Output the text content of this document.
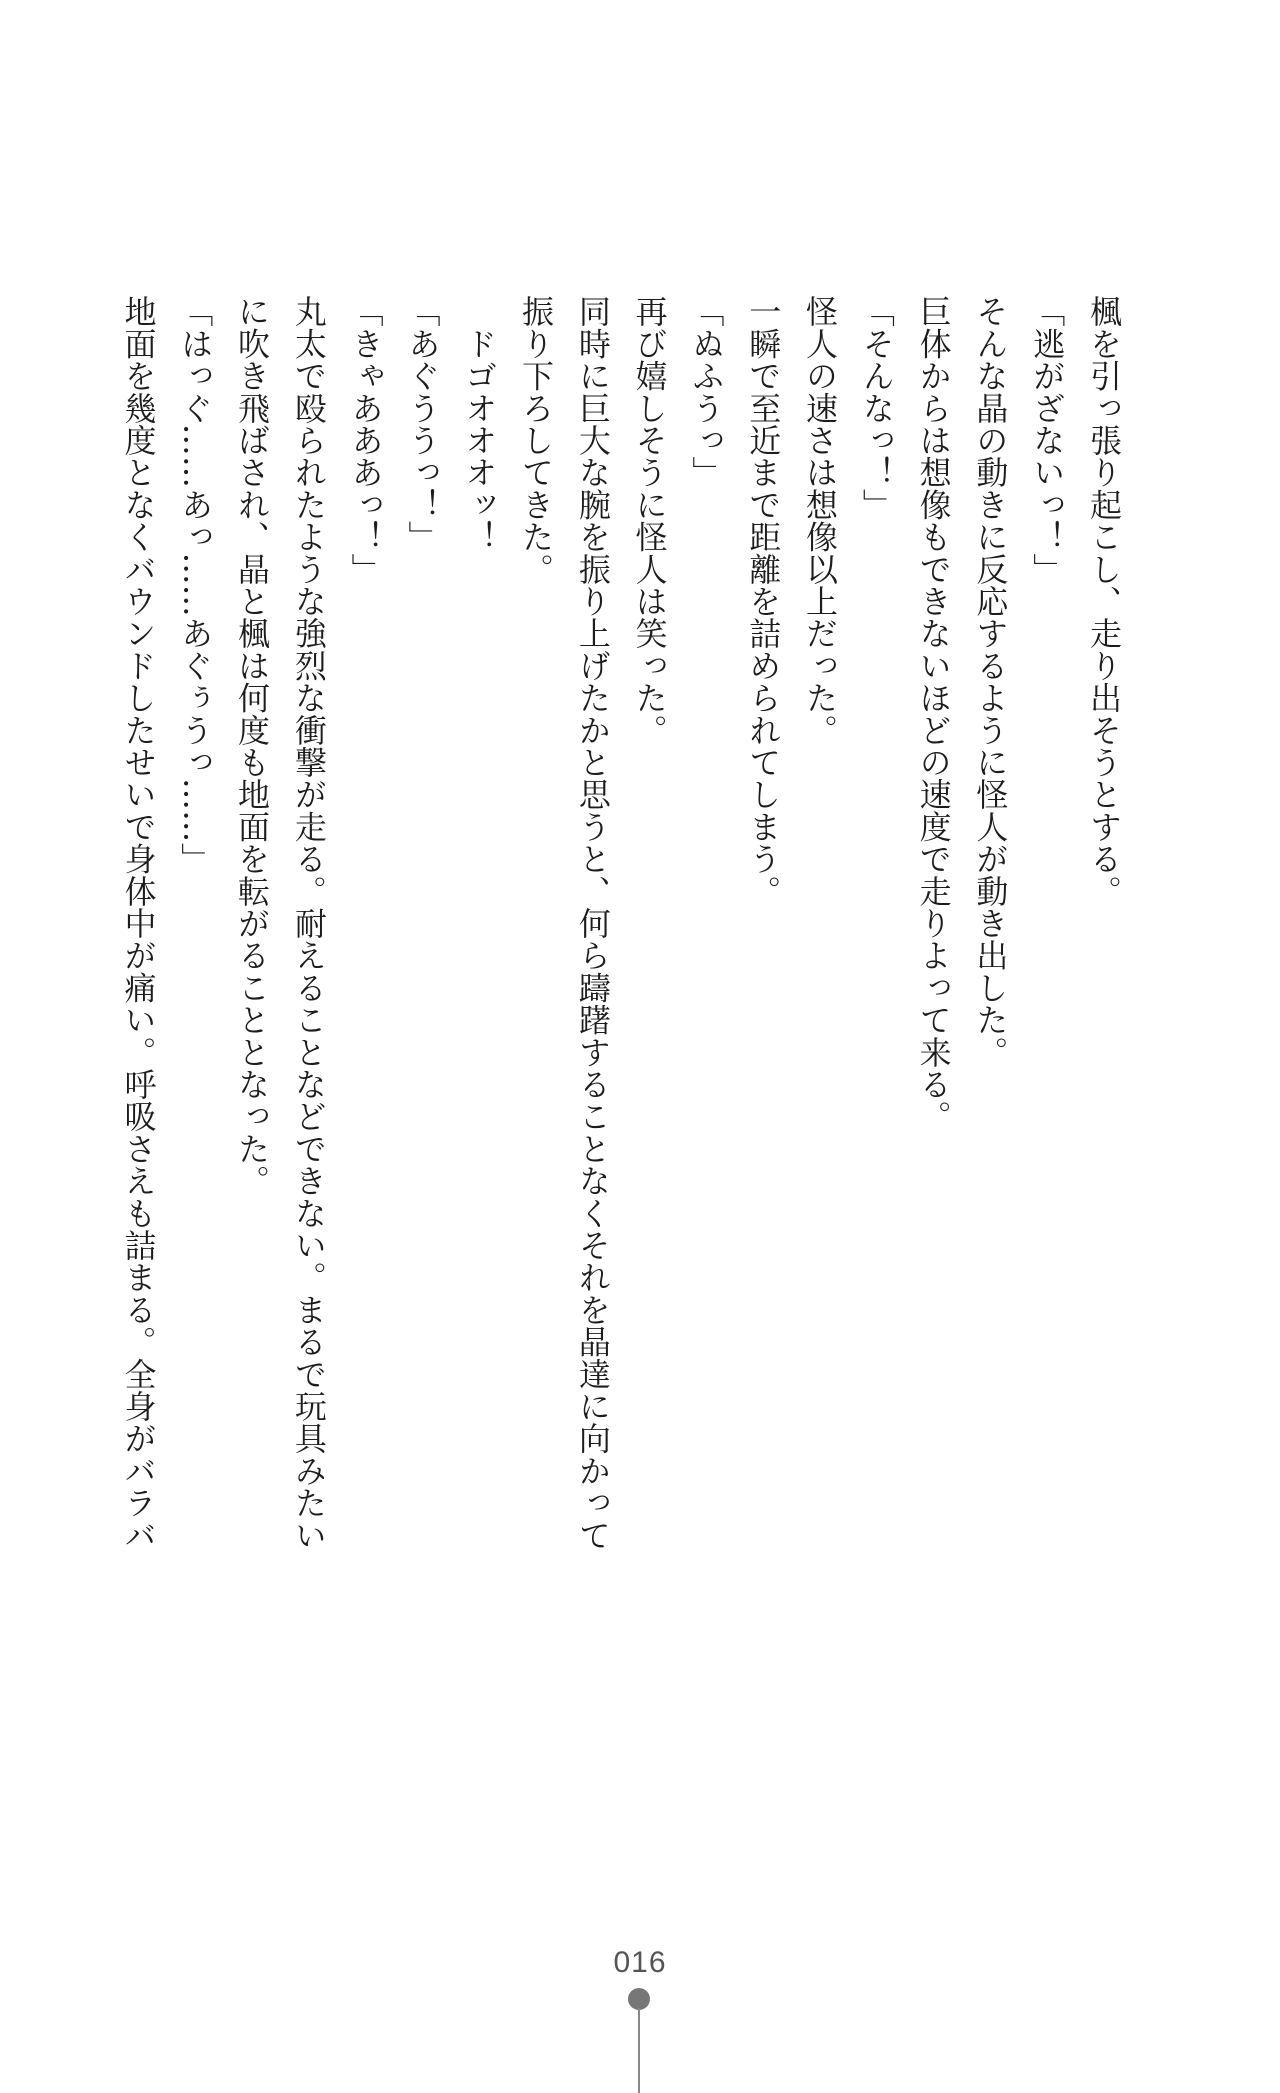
楓を引っ張り起こし、走り出そうとする。
「逃がざないっ！」
そんな晶の動きに反応するように怪人が動き出した。
巨体からは想像もできないほどの速度で走りよって来る。
「そんなっ！」
怪人の速さは想像以上だった。
一瞬で至近まで距離を詰められてしまう。
「ぬふうっ」
再び嬉しそうに怪人は笑った。
同時に巨大な腕を振り上げたかと思うと、何ら躊躇することなくそれを晶達に向かって
振り下ろしてきた。
　ドゴオオオッ！
「あぐううっ！」
「きゃあああっ！」
丸太で殴られたような強烈な衝撃が走る。耐えることなどできない。まるで玩具みたい
に吹き飛ばされ、晶と楓は何度も地面を転がることとなった。
「はっぐ……あっ……あぐぅうっ……」
地面を幾度となくバウンドしたせいで身体中が痛い。呼吸さえも詰まる。全身がバラバ
016
